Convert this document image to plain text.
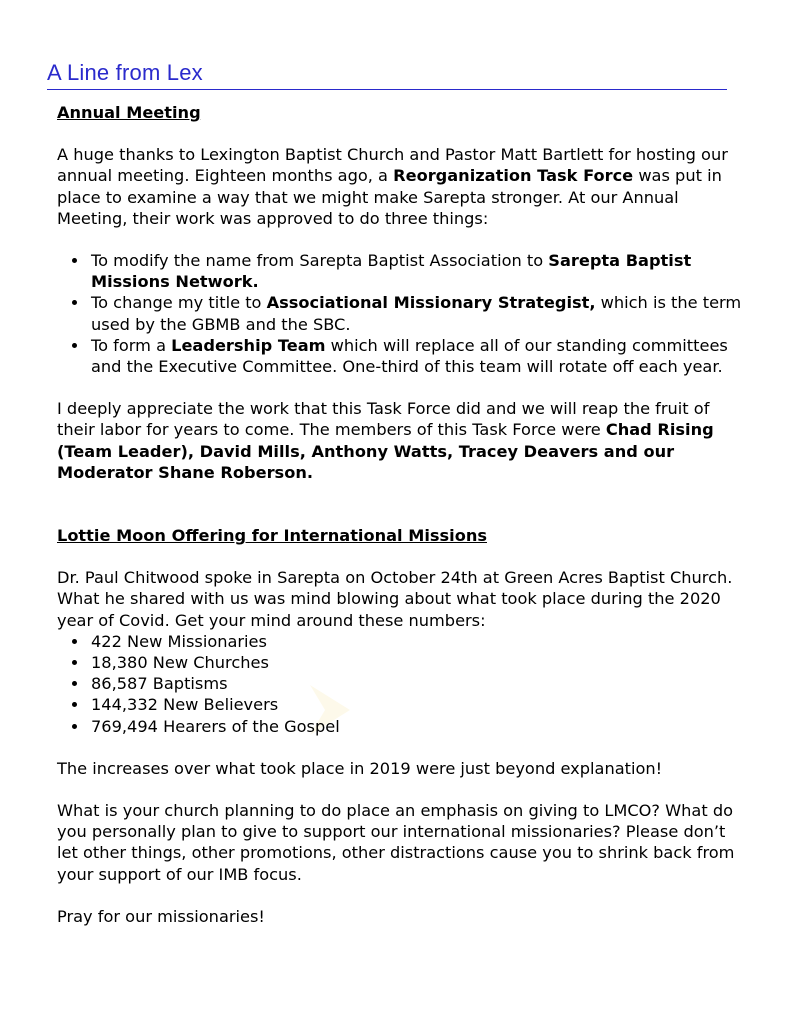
A Line from Lex

Annual Meeting

A huge thanks to Lexington Baptist Church and Pastor Matt Bartlett for hosting our annual meeting. Eighteen months ago, a Reorganization Task Force was put in place to examine a way that we might make Sarepta stronger. At our Annual Meeting, their work was approved to do three things:

• To modify the name from Sarepta Baptist Association to Sarepta Baptist Missions Network.
• To change my title to Associational Missionary Strategist, which is the term used by the GBMB and the SBC.
• To form a Leadership Team which will replace all of our standing committees and the Executive Committee. One-third of this team will rotate off each year.

I deeply appreciate the work that this Task Force did and we will reap the fruit of their labor for years to come. The members of this Task Force were Chad Rising (Team Leader), David Mills, Anthony Watts, Tracey Deavers and our Moderator Shane Roberson.

Lottie Moon Offering for International Missions

Dr. Paul Chitwood spoke in Sarepta on October 24th at Green Acres Baptist Church. What he shared with us was mind blowing about what took place during the 2020 year of Covid. Get your mind around these numbers:

• 422 New Missionaries
• 18,380 New Churches
• 86,587 Baptisms
• 144,332 New Believers
• 769,494 Hearers of the Gospel

The increases over what took place in 2019 were just beyond explanation!

What is your church planning to do place an emphasis on giving to LMCO? What do you personally plan to give to support our international missionaries? Please don’t let other things, other promotions, other distractions cause you to shrink back from your support of our IMB focus.

Pray for our missionaries!
